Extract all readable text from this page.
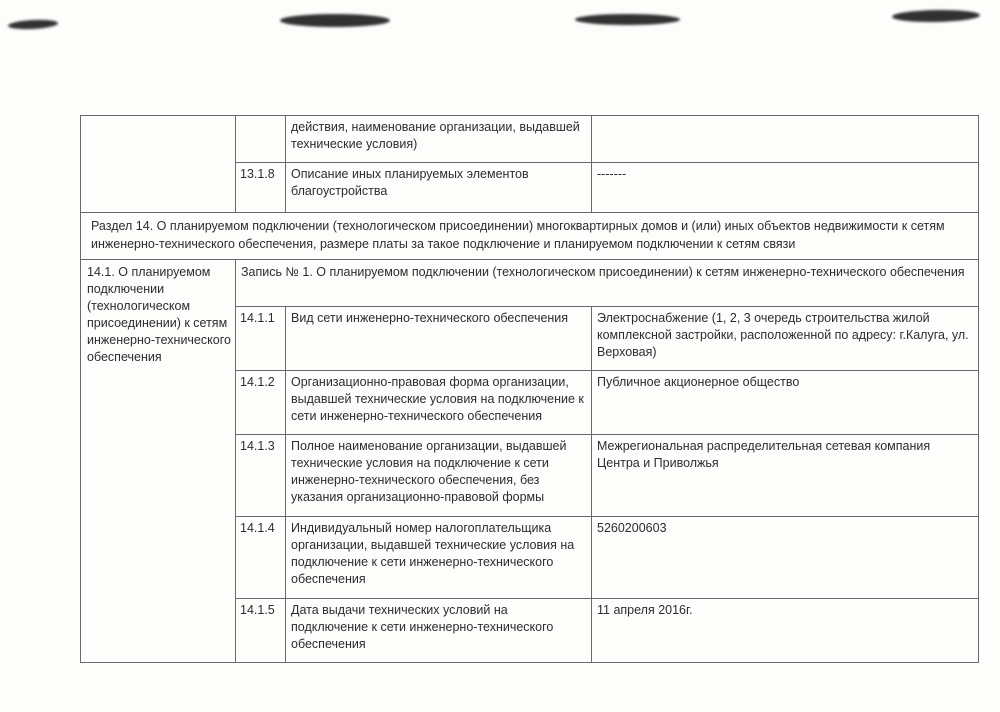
		действия, наименование организации, выдавшей технические условия)	
	13.1.8	Описание иных планируемых элементов благоустройства	-------
Раздел 14. О планируемом подключении (технологическом присоединении) многоквартирных домов и (или) иных объектов недвижимости к сетям инженерно-технического обеспечения, размере платы за такое подключение и планируемом подключении к сетям связи			
14.1. О планируемом подключении (технологическом присоединении) к сетям инженерно-технического обеспечения	Запись № 1. О планируемом подключении (технологическом присоединении) к сетям инженерно-технического обеспечения		
	14.1.1	Вид сети инженерно-технического обеспечения	Электроснабжение (1, 2, 3 очередь строительства жилой комплексной застройки, расположенной по адресу: г.Калуга, ул. Верховая)
	14.1.2	Организационно-правовая форма организации, выдавшей технические условия на подключение к сети инженерно-технического обеспечения	Публичное акционерное общество
	14.1.3	Полное наименование организации, выдавшей технические условия на подключение к сети инженерно-технического обеспечения, без указания организационно-правовой формы	Межрегиональная распределительная сетевая компания Центра и Приволжья
	14.1.4	Индивидуальный номер налогоплательщика организации, выдавшей технические условия на подключение к сети инженерно-технического обеспечения	5260200603
	14.1.5	Дата выдачи технических условий на подключение к сети инженерно-технического обеспечения	11 апреля 2016г.
